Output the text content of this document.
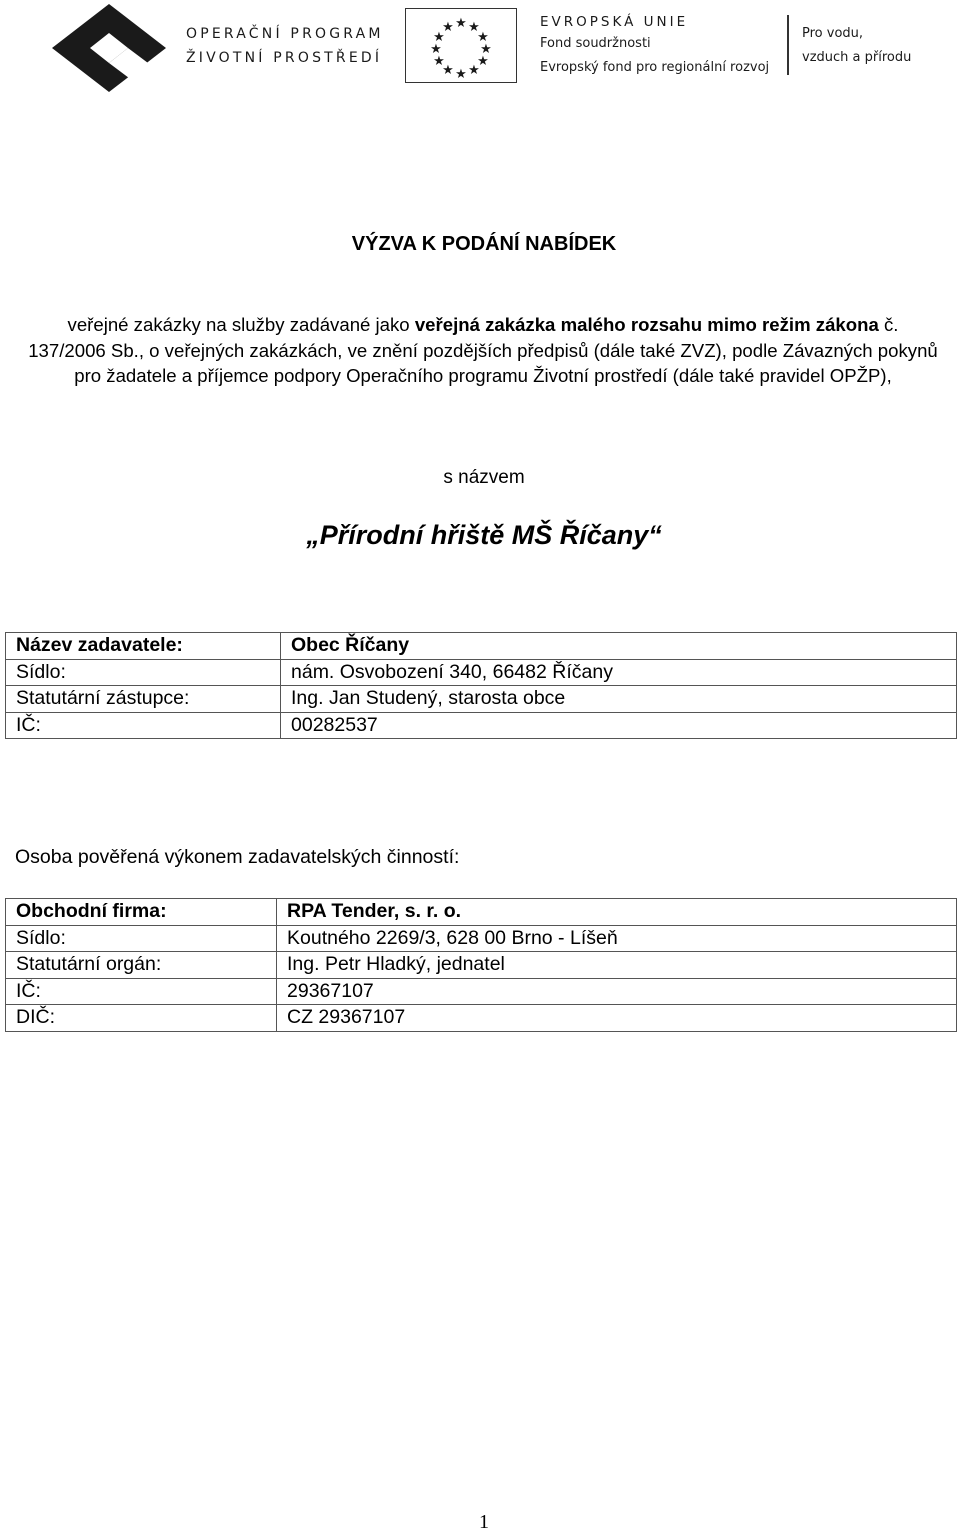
OPERAČNÍ PROGRAM
ŽIVOTNÍ PROSTŘEDÍ
★ ★
★
★
★
★
★
★
★
★
★
★	EVROPSKÁ UNIE
Fond soudržnosti
Evropský fond pro regionální rozvoj
Pro vodu,
vzduch a přírodu
VÝZVA K PODÁNÍ NABÍDEK
veřejné zakázky na služby zadávané jako veřejná zakázka malého rozsahu mimo režim zákona č. 137/2006 Sb., o veřejných zakázkách, ve znění pozdějších předpisů (dále také ZVZ), podle Závazných pokynů pro žadatele a příjemce podpory Operačního programu Životní prostředí (dále také pravidel OPŽP),
s názvem
„Přírodní hřiště MŠ Říčany“
Název zadavatele:	Obec Říčany
Sídlo:	nám. Osvobození 340, 66482 Říčany
Statutární zástupce:	Ing. Jan Studený, starosta obce
IČ:	00282537
Osoba pověřená výkonem zadavatelských činností:
Obchodní firma:	RPA Tender, s. r. o.
Sídlo:	Koutného 2269/3, 628 00 Brno - Líšeň
Statutární orgán:	Ing. Petr Hladký, jednatel
IČ:	29367107
DIČ:	CZ 29367107
1
